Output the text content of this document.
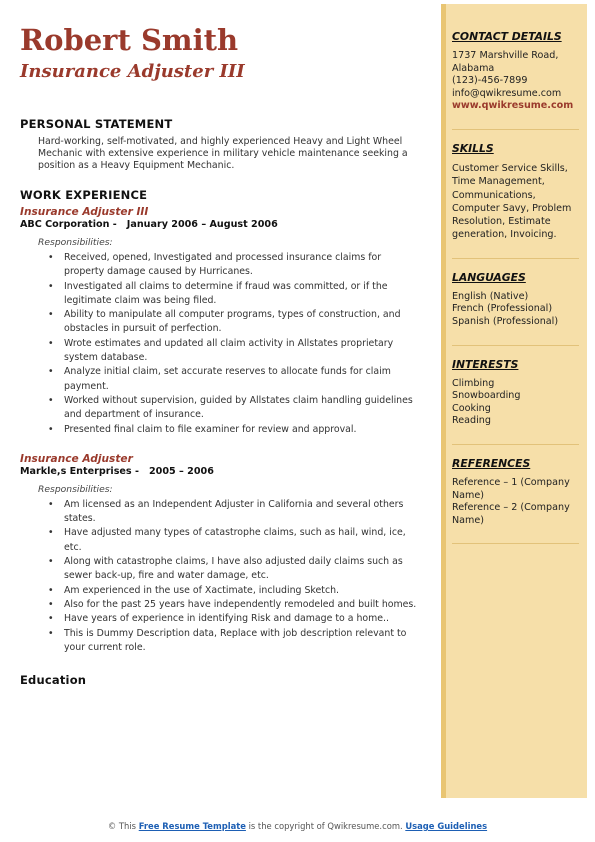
Robert Smith
Insurance Adjuster III
PERSONAL STATEMENT
Hard-working, self-motivated, and highly experienced Heavy and Light Wheel Mechanic with extensive experience in military vehicle maintenance seeking a position as a Heavy Equipment Mechanic.
WORK EXPERIENCE
Insurance Adjuster III
ABC Corporation -   January 2006 – August 2006
Responsibilities:
• Received, opened, Investigated and processed insurance claims for property damage caused by Hurricanes.
• Investigated all claims to determine if fraud was committed, or if the legitimate claim was being filed.
• Ability to manipulate all computer programs, types of construction, and obstacles in pursuit of perfection.
• Wrote estimates and updated all claim activity in Allstates proprietary system database.
• Analyze initial claim, set accurate reserves to allocate funds for claim payment.
• Worked without supervision, guided by Allstates claim handling guidelines and department of insurance.
• Presented final claim to file examiner for review and approval.
Insurance Adjuster
Markle,s Enterprises -   2005 – 2006
Responsibilities:
• Am licensed as an Independent Adjuster in California and several others states.
• Have adjusted many types of catastrophe claims, such as hail, wind, ice, etc.
• Along with catastrophe claims, I have also adjusted daily claims such as sewer back-up, fire and water damage, etc.
• Am experienced in the use of Xactimate, including Sketch.
• Also for the past 25 years have independently remodeled and built homes.
• Have years of experience in identifying Risk and damage to a home..
• This is Dummy Description data, Replace with job description relevant to your current role.
Education
CONTACT DETAILS
1737 Marshville Road,
Alabama
(123)-456-7899
info@qwikresume.com
www.qwikresume.com
SKILLS
Customer Service Skills, Time Management, Communications, Computer Savy, Problem Resolution, Estimate generation, Invoicing.
LANGUAGES
English (Native)
French (Professional)
Spanish (Professional)
INTERESTS
Climbing
Snowboarding
Cooking
Reading
REFERENCES
Reference – 1 (Company Name)
Reference – 2 (Company Name)
© This Free Resume Template is the copyright of Qwikresume.com. Usage Guidelines
